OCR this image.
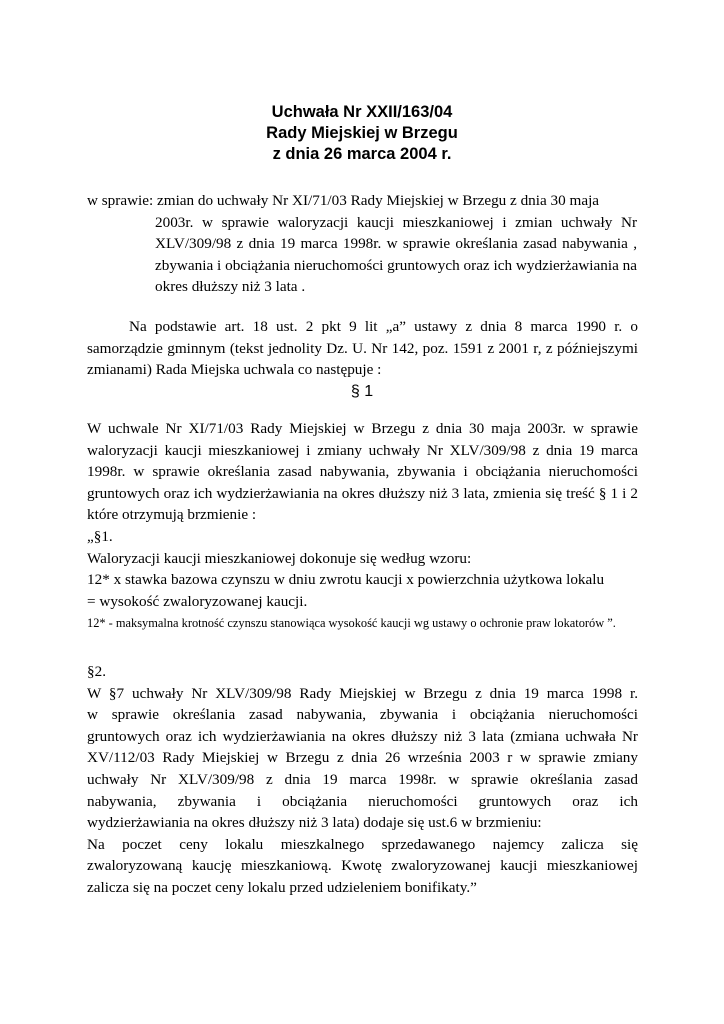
Uchwała Nr XXII/163/04
Rady Miejskiej w Brzegu
z dnia 26 marca 2004 r.
w sprawie:
zmian do uchwały Nr XI/71/03 Rady Miejskiej w Brzegu z dnia 30 maja
2003r. w sprawie waloryzacji kaucji mieszkaniowej i zmian uchwały Nr XLV/309/98 z dnia 19 marca 1998r. w sprawie określania zasad nabywania , zbywania i obciążania nieruchomości gruntowych oraz ich wydzierżawiania na okres dłuższy niż 3 lata .
Na podstawie art. 18 ust. 2 pkt 9 lit „a” ustawy z dnia 8 marca 1990 r. o samorządzie gminnym (tekst jednolity Dz. U. Nr 142, poz. 1591 z 2001 r, z późniejszymi zmianami) Rada Miejska uchwala co następuje :
§ 1
W uchwale Nr XI/71/03 Rady Miejskiej w Brzegu z dnia 30 maja 2003r. w sprawie waloryzacji kaucji mieszkaniowej i zmiany uchwały Nr XLV/309/98 z dnia 19 marca 1998r. w sprawie określania zasad nabywania, zbywania i obciążania nieruchomości gruntowych oraz ich wydzierżawiania na okres dłuższy niż 3 lata, zmienia się treść § 1 i 2 które otrzymują brzmienie :
„§1.
Waloryzacji kaucji mieszkaniowej dokonuje się według wzoru:
12* x stawka bazowa czynszu w dniu zwrotu kaucji x powierzchnia użytkowa lokalu
= wysokość zwaloryzowanej kaucji.
12* - maksymalna krotność czynszu stanowiąca wysokość kaucji wg ustawy o ochronie praw lokatorów ”.
§2.
W §7 uchwały Nr XLV/309/98 Rady Miejskiej w Brzegu z dnia 19 marca 1998 r.
w sprawie określania zasad nabywania, zbywania i obciążania nieruchomości
gruntowych oraz ich wydzierżawiania na okres dłuższy niż 3 lata (zmiana uchwała Nr
XV/112/03 Rady Miejskiej w Brzegu z dnia 26 września 2003 r w sprawie zmiany
uchwały Nr XLV/309/98 z dnia 19 marca 1998r. w sprawie określania zasad
nabywania, zbywania i obciążania nieruchomości gruntowych oraz ich
wydzierżawiania na okres dłuższy niż 3 lata) dodaje się ust.6 w brzmieniu:
Na poczet ceny lokalu mieszkalnego sprzedawanego najemcy zalicza się
zwaloryzowaną kaucję mieszkaniową. Kwotę zwaloryzowanej kaucji mieszkaniowej
zalicza się na poczet ceny lokalu przed udzieleniem bonifikaty.”
